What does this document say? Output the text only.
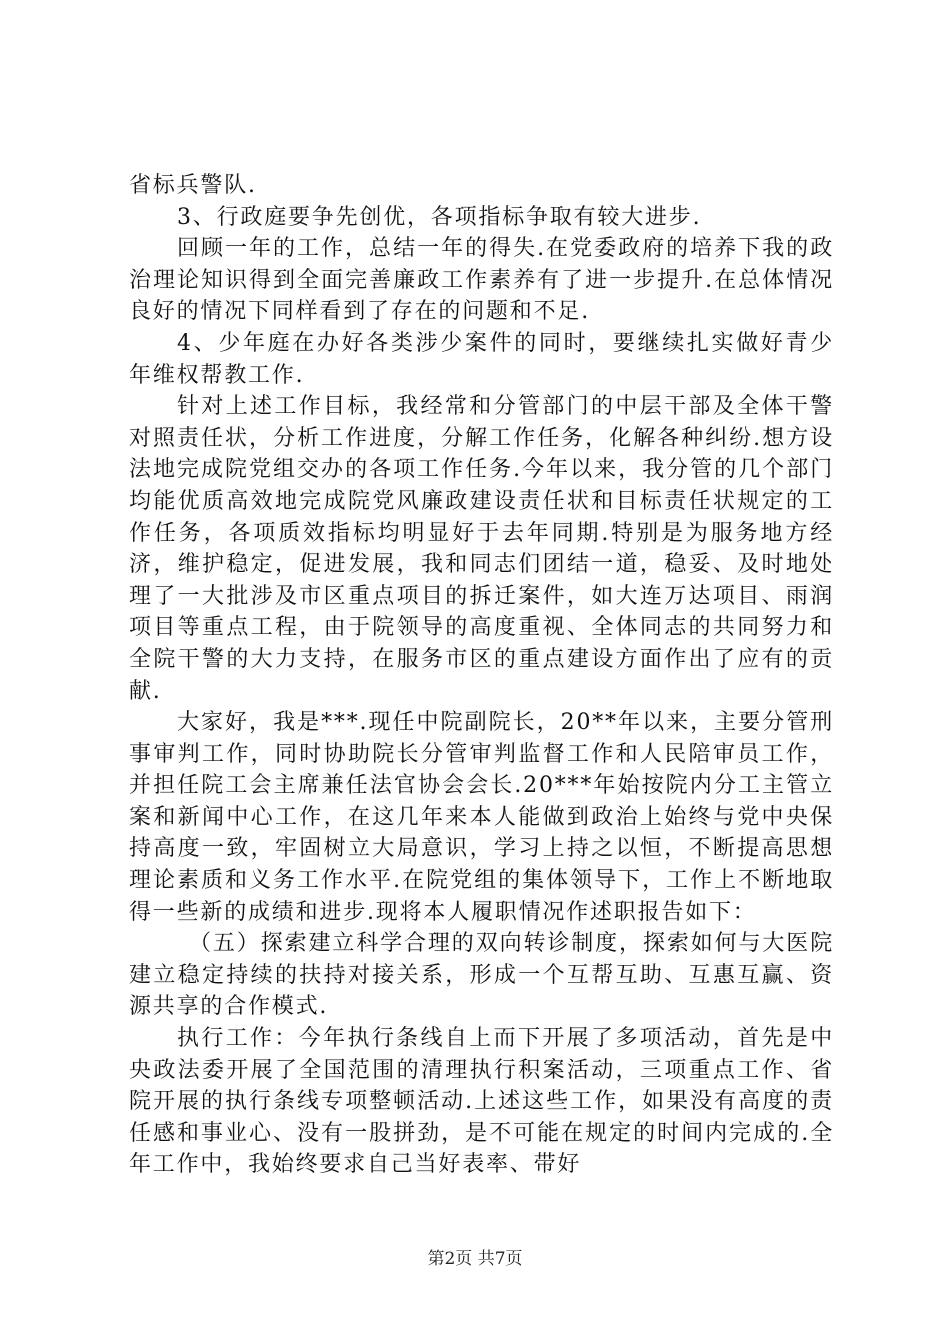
省标兵警队.

3、行政庭要争先创优，各项指标争取有较大进步.

回顾一年的工作，总结一年的得失.在党委政府的培养下我的政治理论知识得到全面完善廉政工作素养有了进一步提升.在总体情况良好的情况下同样看到了存在的问题和不足.

4、少年庭在办好各类涉少案件的同时，要继续扎实做好青少年维权帮教工作.

针对上述工作目标，我经常和分管部门的中层干部及全体干警对照责任状，分析工作进度，分解工作任务，化解各种纠纷.想方设法地完成院党组交办的各项工作任务.今年以来，我分管的几个部门均能优质高效地完成院党风廉政建设责任状和目标责任状规定的工作任务，各项质效指标均明显好于去年同期.特别是为服务地方经济，维护稳定，促进发展，我和同志们团结一道，稳妥、及时地处理了一大批涉及市区重点项目的拆迁案件，如大连万达项目、雨润项目等重点工程，由于院领导的高度重视、全体同志的共同努力和全院干警的大力支持，在服务市区的重点建设方面作出了应有的贡献.

大家好，我是***.现任中院副院长，20**年以来，主要分管刑事审判工作，同时协助院长分管审判监督工作和人民陪审员工作，并担任院工会主席兼任法官协会会长.20***年始按院内分工主管立案和新闻中心工作，在这几年来本人能做到政治上始终与党中央保持高度一致，牢固树立大局意识，学习上持之以恒，不断提高思想理论素质和义务工作水平.在院党组的集体领导下，工作上不断地取得一些新的成绩和进步.现将本人履职情况作述职报告如下：

（五）探索建立科学合理的双向转诊制度，探索如何与大医院建立稳定持续的扶持对接关系，形成一个互帮互助、互惠互赢、资源共享的合作模式.

执行工作：今年执行条线自上而下开展了多项活动，首先是中央政法委开展了全国范围的清理执行积案活动，三项重点工作、省院开展的执行条线专项整顿活动.上述这些工作，如果没有高度的责任感和事业心、没有一股拼劲，是不可能在规定的时间内完成的.全年工作中，我始终要求自己当好表率、带好

第2页 共7页
